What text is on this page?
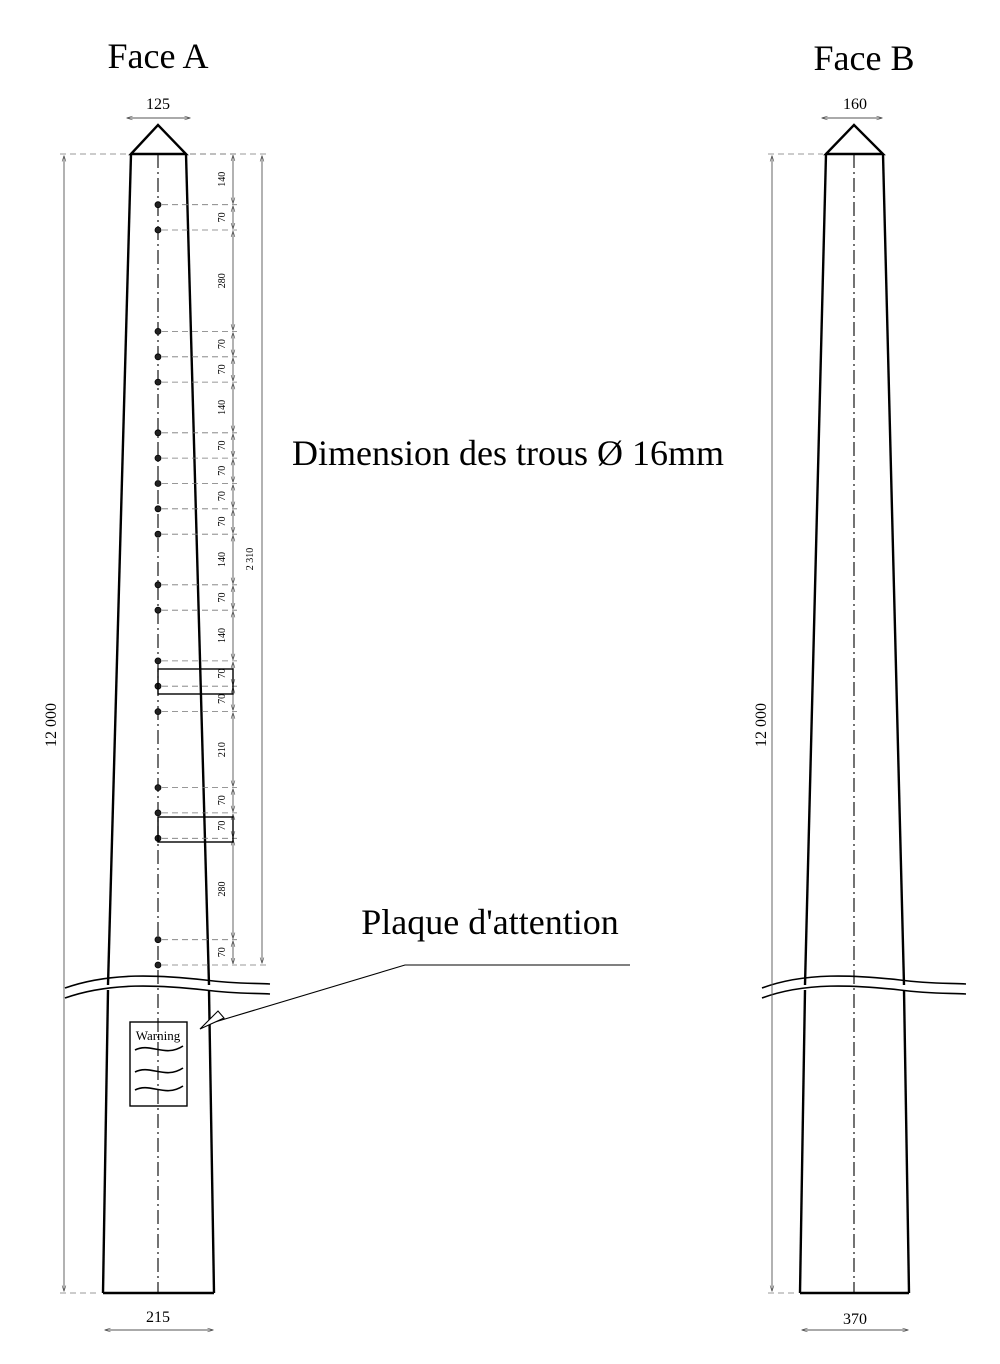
Face A
125
12 000
215
2 310
140
70
280
70
70
140
70
70
70
70
140
70
140
70
70
210
70
70
280
70
Warning
Plaque d'attention
Dimension des trous Ø 16mm
Face B
160
12 000
370
